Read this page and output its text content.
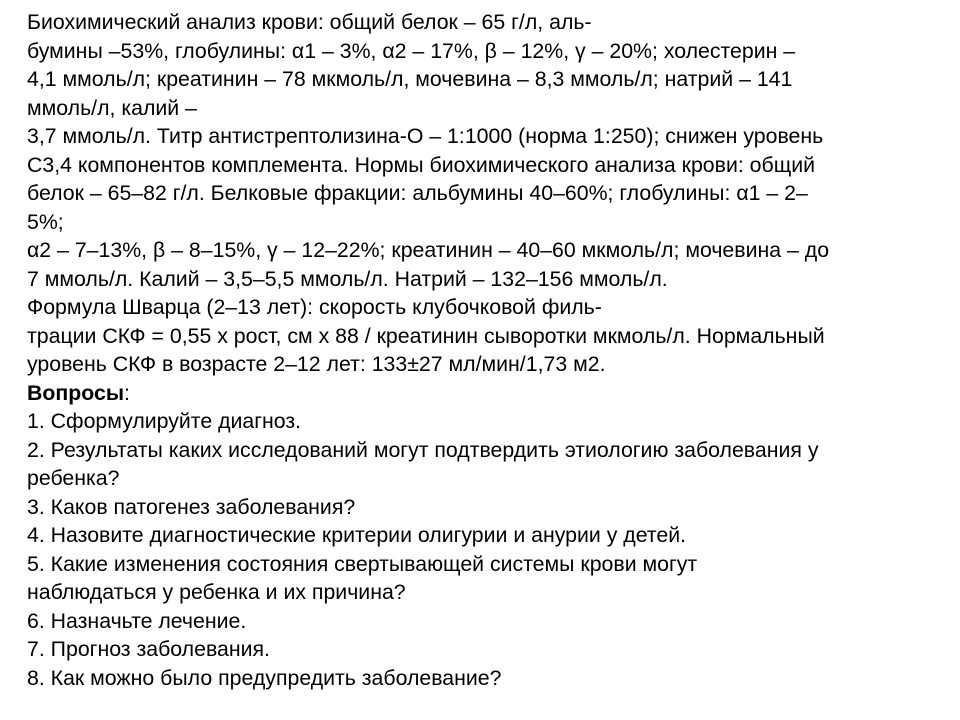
Биохимический анализ крови: общий белок – 65 г/л, аль-
бумины –53%, глобулины: α1 – 3%, α2 – 17%, β – 12%, γ – 20%; холестерин –
4,1 ммоль/л; креатинин – 78 мкмоль/л, мочевина – 8,3 ммоль/л; натрий – 141
ммоль/л, калий –
3,7 ммоль/л. Титр антистрептолизина-О – 1:1000 (норма 1:250); снижен уровень
С3,4 компонентов комплемента. Нормы биохимического анализа крови: общий
белок – 65–82 г/л. Белковые фракции: альбумины 40–60%; глобулины: α1 – 2–
5%;
α2 – 7–13%, β – 8–15%, γ – 12–22%; креатинин – 40–60 мкмоль/л; мочевина – до
7 ммоль/л. Калий – 3,5–5,5 ммоль/л. Натрий – 132–156 ммоль/л.
Формула Шварца (2–13 лет): скорость клубочковой филь-
трации СКФ = 0,55 х рост, см х 88 / креатинин сыворотки мкмоль/л. Нормальный
уровень СКФ в возрасте 2–12 лет: 133±27 мл/мин/1,73 м2.
Вопросы:
1. Сформулируйте диагноз.
2. Результаты каких исследований могут подтвердить этиологию заболевания у
ребенка?
3. Каков патогенез заболевания?
4. Назовите диагностические критерии олигурии и анурии у детей.
5. Какие изменения состояния свертывающей системы крови могут
наблюдаться у ребенка и их причина?
6. Назначьте лечение.
7. Прогноз заболевания.
8. Как можно было предупредить заболевание?
